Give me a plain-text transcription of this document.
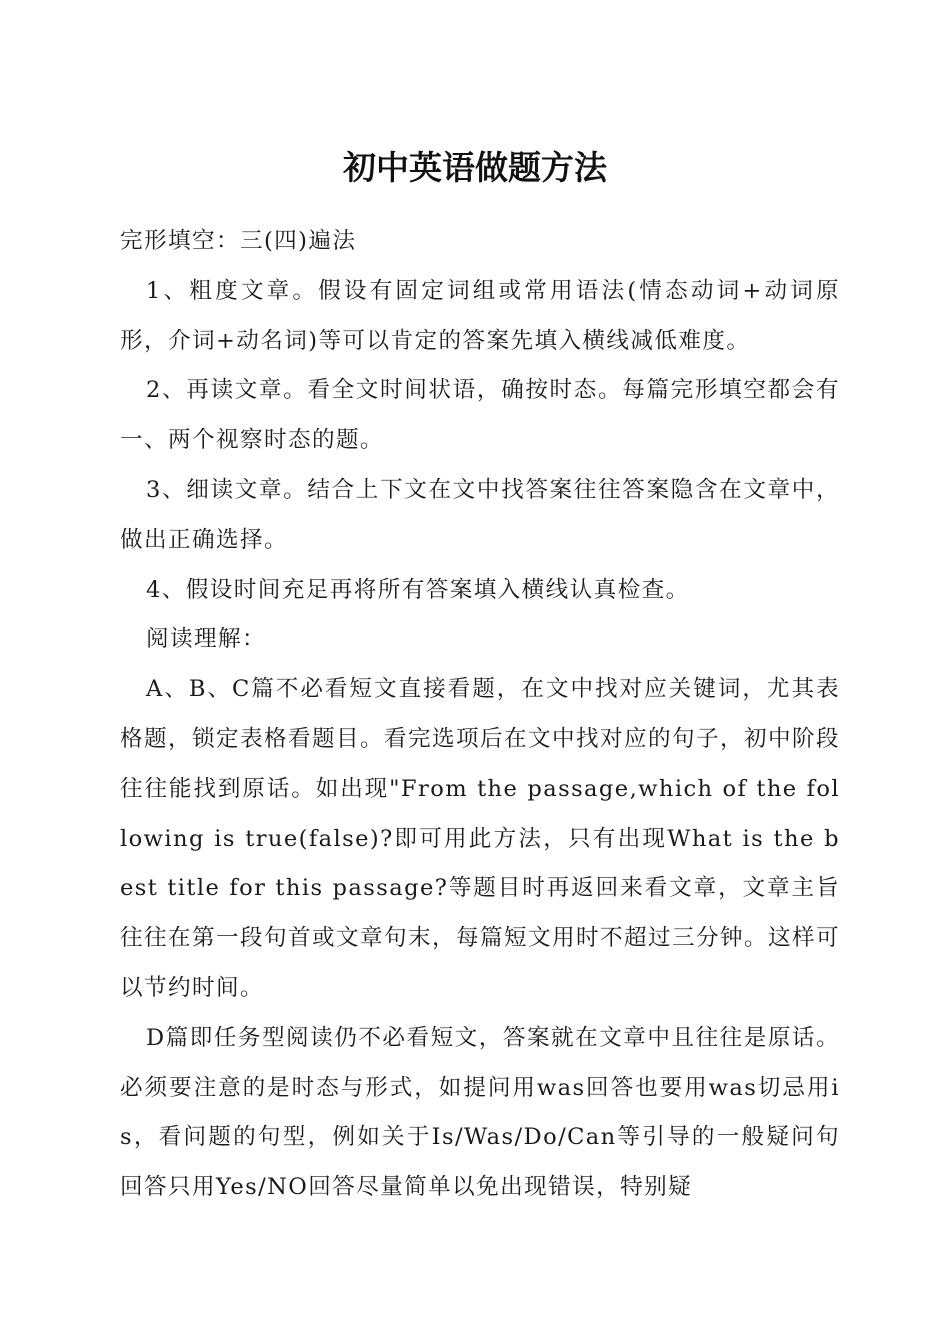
初中英语做题方法

完形填空：三(四)遍法

1、粗度文章。假设有固定词组或常用语法(情态动词+动词原形，介词+动名词)等可以肯定的答案先填入横线减低难度。

2、再读文章。看全文时间状语，确按时态。每篇完形填空都会有一、两个视察时态的题。

3、细读文章。结合上下文在文中找答案往往答案隐含在文章中，做出正确选择。

4、假设时间充足再将所有答案填入横线认真检查。

阅读理解：

A、B、C篇不必看短文直接看题，在文中找对应关键词，尤其表格题，锁定表格看题目。看完选项后在文中找对应的句子，初中阶段往往能找到原话。如出现"From the passage,which of the following is true(false)?即可用此方法，只有出现What is the best title for this passage?等题目时再返回来看文章，文章主旨往往在第一段句首或文章句末，每篇短文用时不超过三分钟。这样可以节约时间。

D篇即任务型阅读仍不必看短文，答案就在文章中且往往是原话。必须要注意的是时态与形式，如提问用was回答也要用was切忌用is，看问题的句型，例如关于Is/Was/Do/Can等引导的一般疑问句回答只用Yes/NO回答尽量简单以免出现错误，特别疑
